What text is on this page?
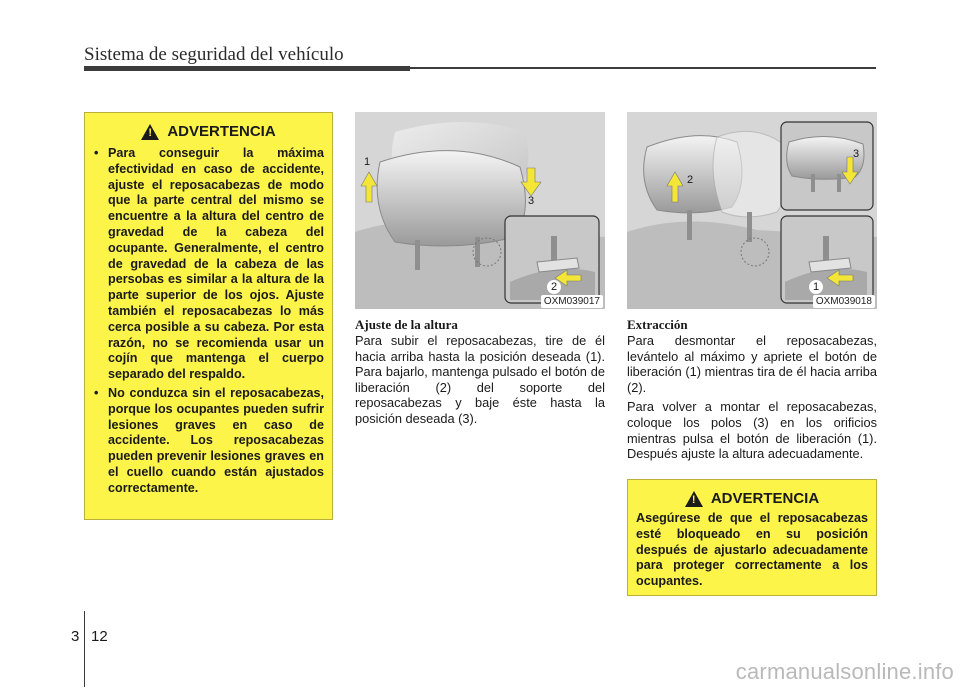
Sistema de seguridad del vehículo
! ADVERTENCIA
• Para conseguir la máxima efectividad en caso de accidente, ajuste el reposacabezas de modo que la parte central del mismo se encuentre a la altura del centro de gravedad de la cabeza del ocupante. Generalmente, el centro de gravedad de la cabeza de las persobas es similar a la altura de la parte superior de los ojos. Ajuste también el reposacabezas lo más cerca posible a su cabeza. Por esta razón, no se recomienda usar un cojín que mantenga el cuerpo separado del respaldo.
• No conduzca sin el reposacabezas, porque los ocupantes pueden sufrir lesiones graves en caso de accidente. Los reposacabezas pueden prevenir lesiones graves en el cuello cuando están ajustados correctamente.
1
2
3
OXM039017
1
2
3
OXM039018
Ajuste de la altura

Para subir el reposacabezas, tire de él hacia arriba hasta la posición deseada (1). Para bajarlo, mantenga pulsado el botón de liberación (2) del soporte del reposacabezas y baje éste hasta la posición deseada (3).

Extracción

Para desmontar el reposacabezas, levántelo al máximo y apriete el botón de liberación (1) mientras tira de él hacia arriba (2).

Para volver a montar el reposacabezas, coloque los polos (3) en los orificios mientras pulsa el botón de liberación (1). Después ajuste la altura adecuadamente.

! ADVERTENCIA

Asegúrese de que el reposacabezas esté bloqueado en su posición después de ajustarlo adecuadamente para proteger correctamente a los ocupantes.

3 12
carmanualsonline.info
